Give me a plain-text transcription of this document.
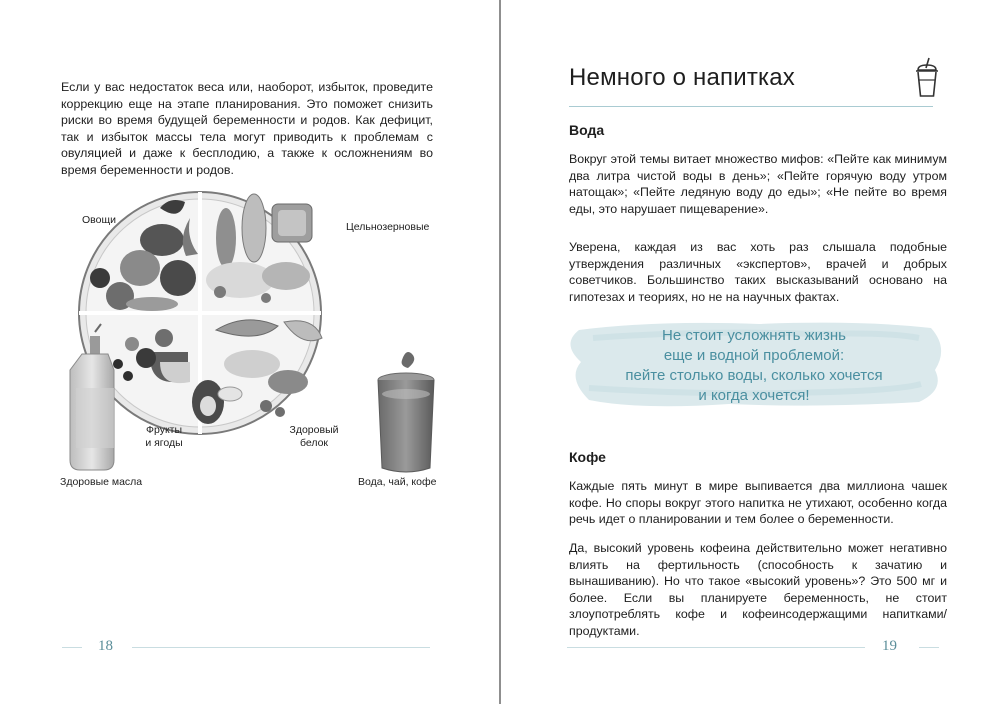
Если у вас недостаток веса или, наоборот, избыток, проведите коррекцию еще на этапе планирования. Это поможет снизить риски во время будущей беременности и родов. Как дефицит, так и избыток массы тела могут приводить к проблемам с овуляцией и даже к бесплодию, а также к осложнениям во время беременности и родов.

Овощи
Цельнозерновые
Фрукты
и ягоды
Здоровый
белок
Здоровые масла	Вода, чай, кофе
18
Немного о напитках
Вода

Вокруг этой темы витает множество мифов: «Пейте как минимум два литра чистой воды в день»; «Пейте горячую воду утром натощак»; «Пейте ледяную воду до еды»; «Не пейте во время еды, это нарушает пищеварение».

Уверена, каждая из вас хоть раз слышала подобные утверждения различных «экспертов», врачей и добрых советчиков. Большинство таких высказываний основано на гипотезах и теориях, но не на научных фактах.

Не стоит усложнять жизнь
еще и водной проблемой:
пейте столько воды, сколько хочется
и когда хочется!
Кофе

Каждые пять минут в мире выпивается два миллиона чашек кофе. Но споры вокруг этого напитка не утихают, особенно когда речь идет о планировании и тем более о беременности.

Да, высокий уровень кофеина действительно может негативно влиять на фертильность (способность к зачатию и вынашиванию). Но что такое «высокий уровень»? Это 500 мг и более. Если вы планируете беременность, не стоит злоупотреблять кофе и кофеинсодержащими напитками/продуктами.

19
